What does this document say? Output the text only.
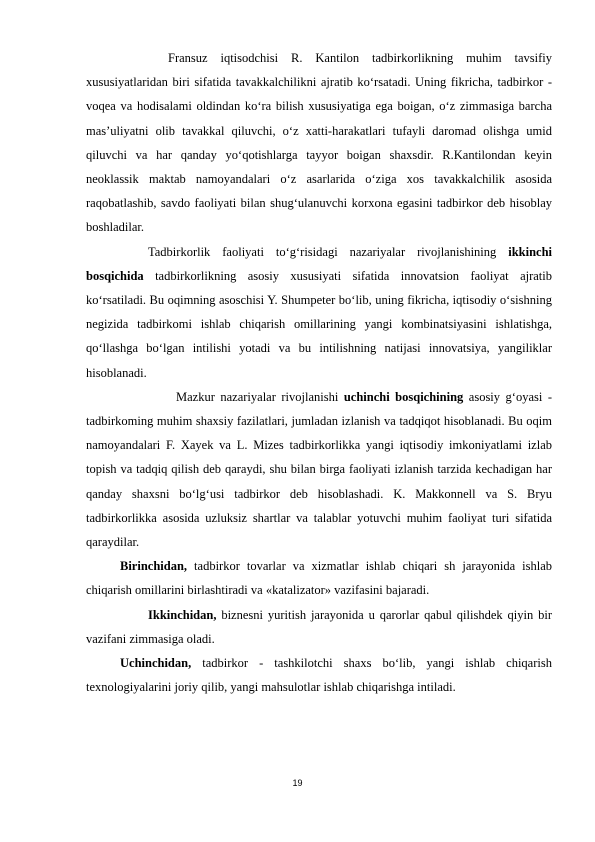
Fransuz iqtisodchisi R. Kantilon tadbirkorlikning muhim tavsifiy xususiyatlaridan biri sifatida tavakkalchilikni ajratib ko‘rsatadi. Uning fikricha, tadbirkor - voqea va hodisalami oldindan ko‘ra bilish xususiyatiga ega boigan, o‘z zimmasiga barcha mas’uliyatni olib tavakkal qiluvchi, o‘z xatti-harakatlari tufayli daromad olishga umid qiluvchi va har qanday yo‘qotishlarga tayyor boigan shaxsdir. R.Kantilondan keyin neoklassik maktab namoyandalari o‘z asarlarida o‘ziga xos tavakkalchilik asosida raqobatlashib, savdo faoliyati bilan shug‘ulanuvchi korxona egasini tadbirkor deb hisoblay boshladilar.

Tadbirkorlik faoliyati to‘g‘risidagi nazariyalar rivojlanishining ikkinchi bosqichida tadbirkorlikning asosiy xususiyati sifatida innovatsion faoliyat ajratib ko‘rsatiladi. Bu oqimning asoschisi Y. Shumpeter bo‘lib, uning fikricha, iqtisodiy o‘sishning negizida tadbirkomi ishlab chiqarish omillarining yangi kombinatsiyasini ishlatishga, qo‘llashga bo‘lgan intilishi yotadi va bu intilishning natijasi innovatsiya, yangiliklar hisoblanadi.

Mazkur nazariyalar rivojlanishi uchinchi bosqichining asosiy g‘oyasi - tadbirkoming muhim shaxsiy fazilatlari, jumladan izlanish va tadqiqot hisoblanadi. Bu oqim namoyandalari F. Xayek va L. Mizes tadbirkorlikka yangi iqtisodiy imkoniyatlami izlab topish va tadqiq qilish deb qaraydi, shu bilan birga faoliyati izlanish tarzida kechadigan har qanday shaxsni bo‘lg‘usi tadbirkor deb hisoblashadi. K. Makkonnell va S. Bryu tadbirkorlikka asosida uzluksiz shartlar va talablar yotuvchi muhim faoliyat turi sifatida qaraydilar.

Birinchidan, tadbirkor tovarlar va xizmatlar ishlab chiqari sh jarayonida ishlab chiqarish omillarini birlashtiradi va «katalizator» vazifasini bajaradi.

Ikkinchidan, biznesni yuritish jarayonida u qarorlar qabul qilishdek qiyin bir vazifani zimmasiga oladi.

Uchinchidan, tadbirkor - tashkilotchi shaxs bo‘lib, yangi ishlab chiqarish texnologiyalarini joriy qilib, yangi mahsulotlar ishlab chiqarishga intiladi.

19
